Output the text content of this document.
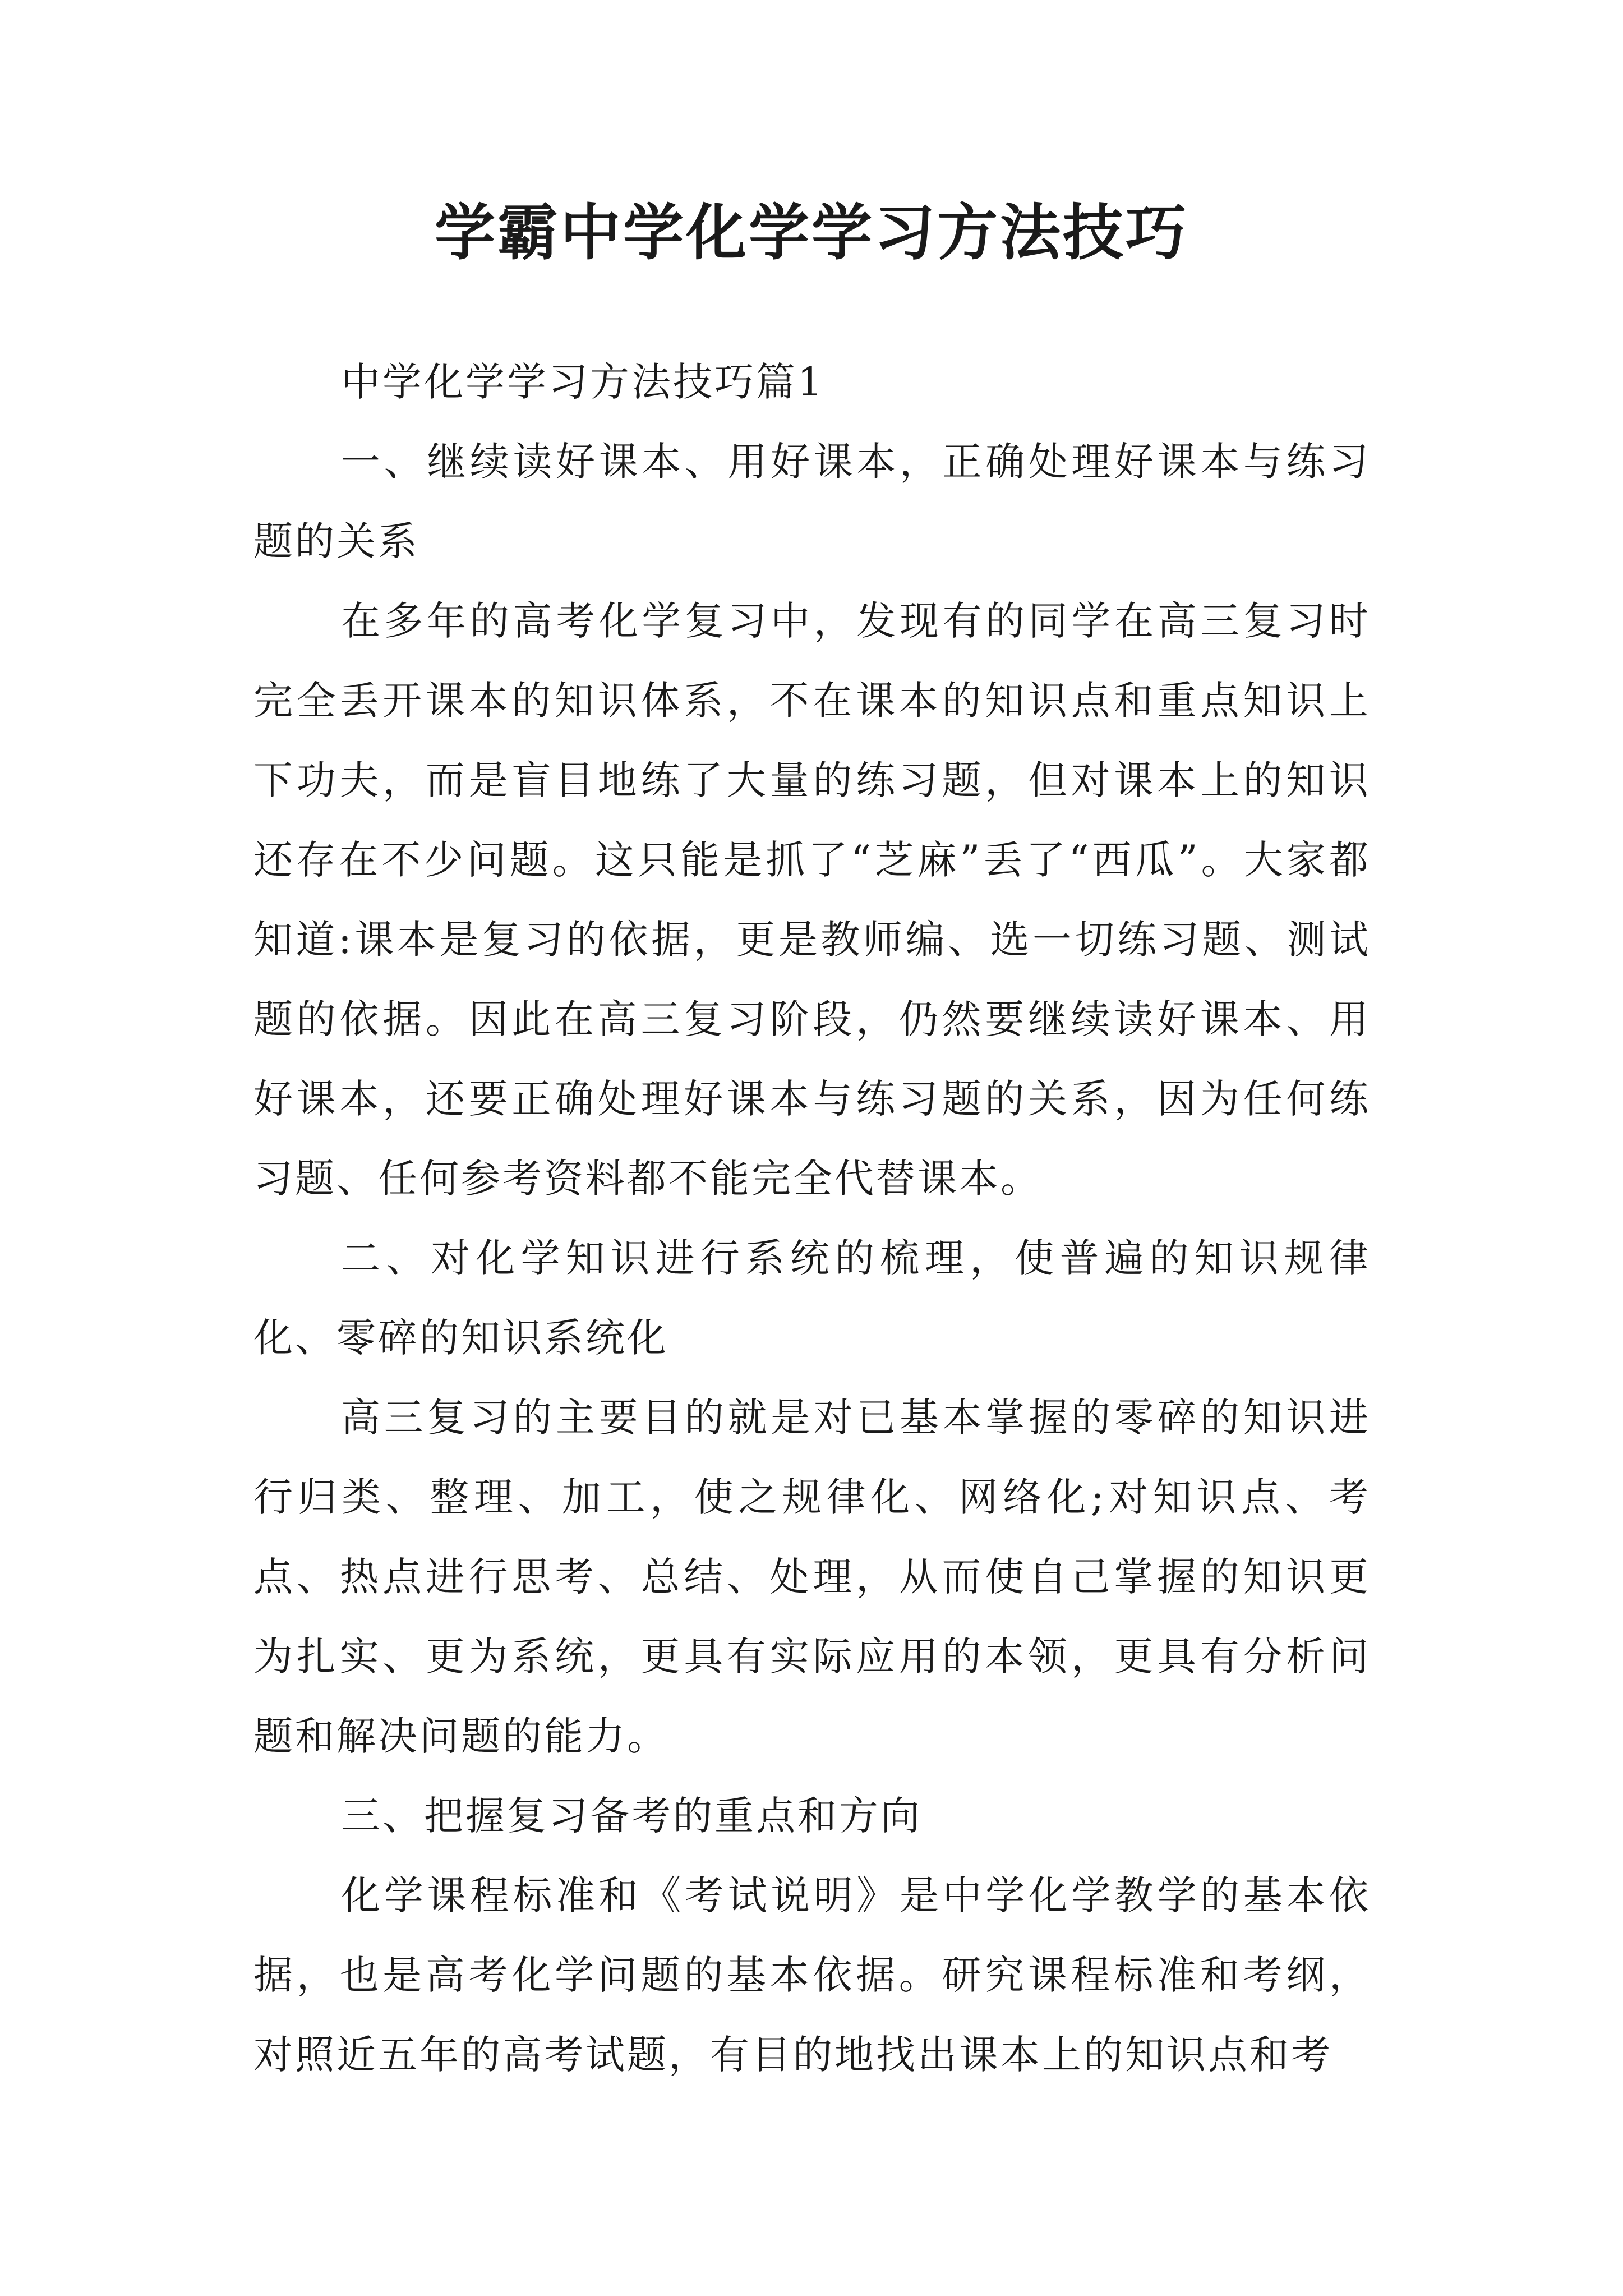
学霸中学化学学习方法技巧

中学化学学习方法技巧篇1

一、继续读好课本、用好课本，正确处理好课本与练习题的关系

在多年的高考化学复习中，发现有的同学在高三复习时完全丢开课本的知识体系，不在课本的知识点和重点知识上下功夫，而是盲目地练了大量的练习题，但对课本上的知识还存在不少问题。这只能是抓了“芝麻”丢了“西瓜”。大家都知道:课本是复习的依据，更是教师编、选一切练习题、测试题的依据。因此在高三复习阶段，仍然要继续读好课本、用好课本，还要正确处理好课本与练习题的关系，因为任何练习题、任何参考资料都不能完全代替课本。

二、对化学知识进行系统的梳理，使普遍的知识规律化、零碎的知识系统化

高三复习的主要目的就是对已基本掌握的零碎的知识进行归类、整理、加工，使之规律化、网络化;对知识点、考点、热点进行思考、总结、处理，从而使自己掌握的知识更为扎实、更为系统，更具有实际应用的本领，更具有分析问题和解决问题的能力。

三、把握复习备考的重点和方向

化学课程标准和《考试说明》是中学化学教学的基本依据，也是高考化学问题的基本依据。研究课程标准和考纲，对照近五年的高考试题，有目的地找出课本上的知识点和考
